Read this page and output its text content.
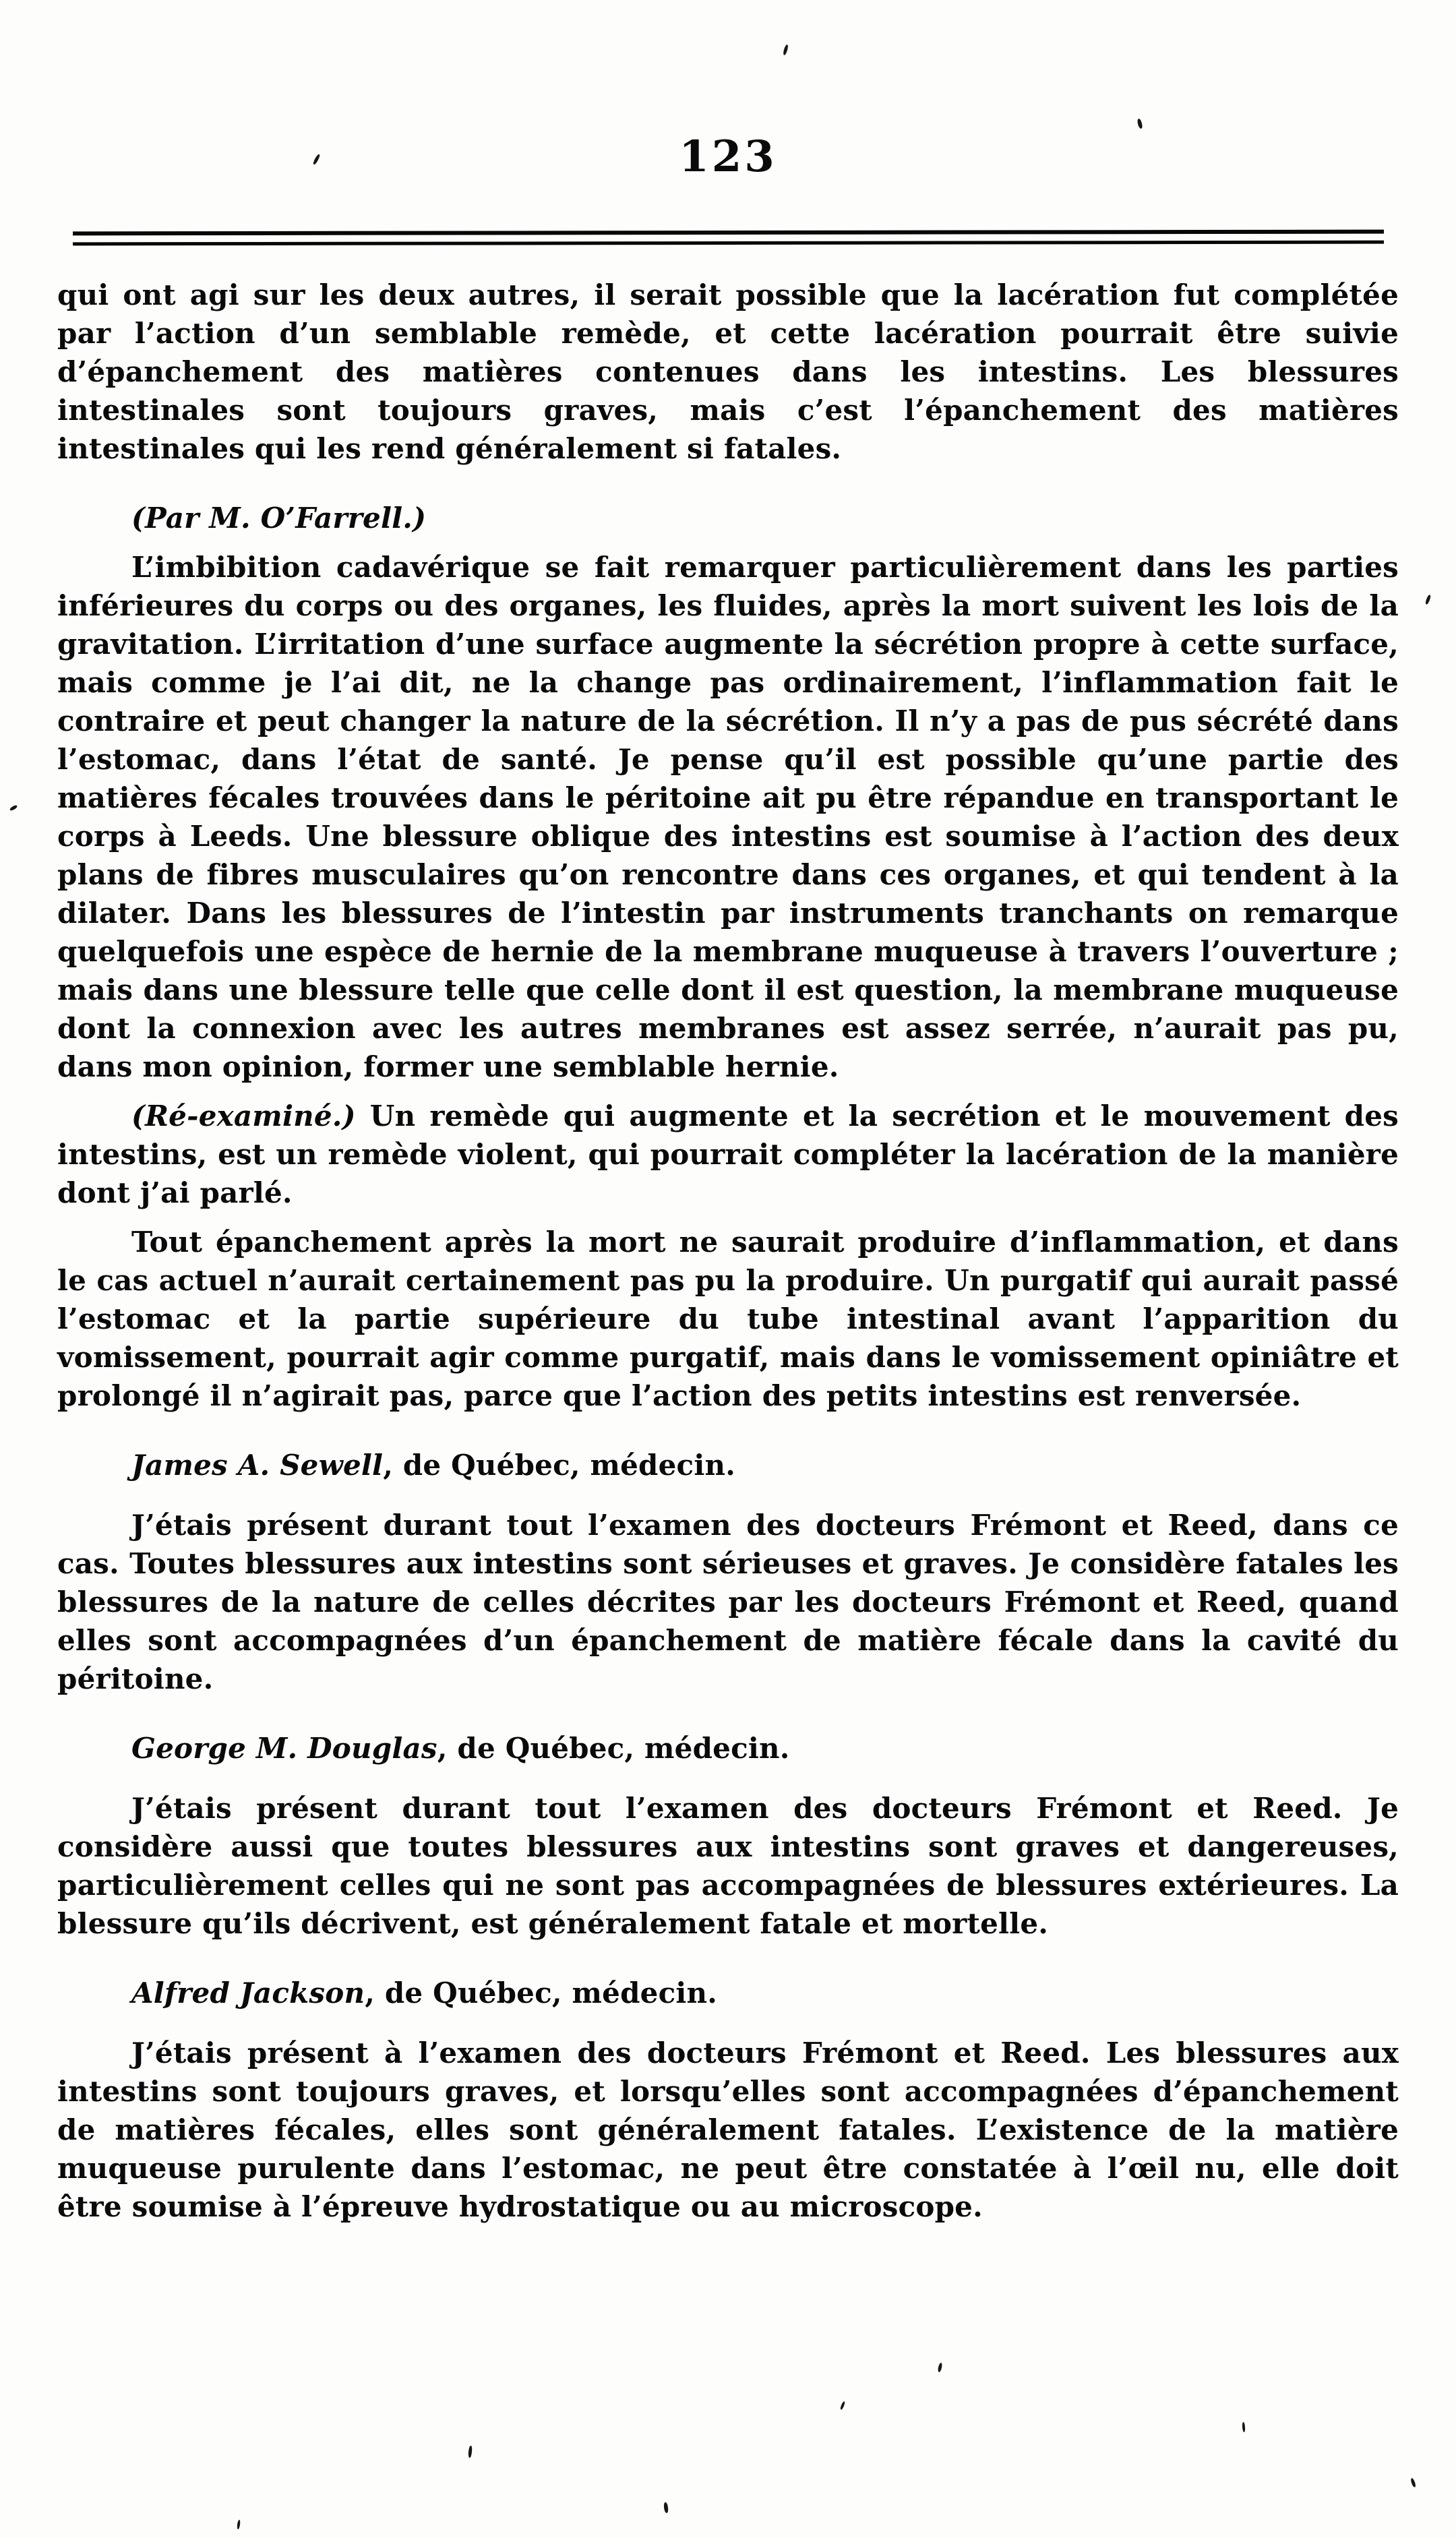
123

qui ont agi sur les deux autres, il serait possible que la lacération fut complétée par l’action d’un semblable remède, et cette lacération pourrait être suivie d’épanchement des matières contenues dans les intestins. Les blessures intestinales sont toujours graves, mais c’est l’épanchement des matières intestinales qui les rend généralement si fatales.

(Par M. O’Farrell.)

L’imbibition cadavérique se fait remarquer particulièrement dans les parties inférieures du corps ou des organes, les fluides, après la mort suivent les lois de la gravitation. L’irritation d’une surface augmente la sécrétion propre à cette surface, mais comme je l’ai dit, ne la change pas ordinairement, l’inflammation fait le contraire et peut changer la nature de la sécrétion. Il n’y a pas de pus sécrété dans l’estomac, dans l’état de santé. Je pense qu’il est possible qu’une partie des matières fécales trouvées dans le péritoine ait pu être répandue en transportant le corps à Leeds. Une blessure oblique des intestins est soumise à l’action des deux plans de fibres musculaires qu’on rencontre dans ces organes, et qui tendent à la dilater. Dans les blessures de l’intestin par instruments tranchants on remarque quelquefois une espèce de hernie de la membrane muqueuse à travers l’ouverture ; mais dans une blessure telle que celle dont il est question, la membrane muqueuse dont la connexion avec les autres membranes est assez serrée, n’aurait pas pu, dans mon opinion, former une semblable hernie.

(Ré-examiné.) Un remède qui augmente et la secrétion et le mouvement des intestins, est un remède violent, qui pourrait compléter la lacération de la manière dont j’ai parlé.

Tout épanchement après la mort ne saurait produire d’inflammation, et dans le cas actuel n’aurait certainement pas pu la produire. Un purgatif qui aurait passé l’estomac et la partie supérieure du tube intestinal avant l’apparition du vomissement, pourrait agir comme purgatif, mais dans le vomissement opiniâtre et prolongé il n’agirait pas, parce que l’action des petits intestins est renversée.

James A. Sewell, de Québec, médecin.

J’étais présent durant tout l’examen des docteurs Frémont et Reed, dans ce cas. Toutes blessures aux intestins sont sérieuses et graves. Je considère fatales les blessures de la nature de celles décrites par les docteurs Frémont et Reed, quand elles sont accompagnées d’un épanchement de matière fécale dans la cavité du péritoine.

George M. Douglas, de Québec, médecin.

J’étais présent durant tout l’examen des docteurs Frémont et Reed. Je considère aussi que toutes blessures aux intestins sont graves et dangereuses, particulièrement celles qui ne sont pas accompagnées de blessures extérieures. La blessure qu’ils décrivent, est généralement fatale et mortelle.

Alfred Jackson, de Québec, médecin.

J’étais présent à l’examen des docteurs Frémont et Reed. Les blessures aux intestins sont toujours graves, et lorsqu’elles sont accompagnées d’épanchement de matières fécales, elles sont généralement fatales. L’existence de la matière muqueuse purulente dans l’estomac, ne peut être constatée à l’œil nu, elle doit être soumise à l’épreuve hydrostatique ou au microscope.
